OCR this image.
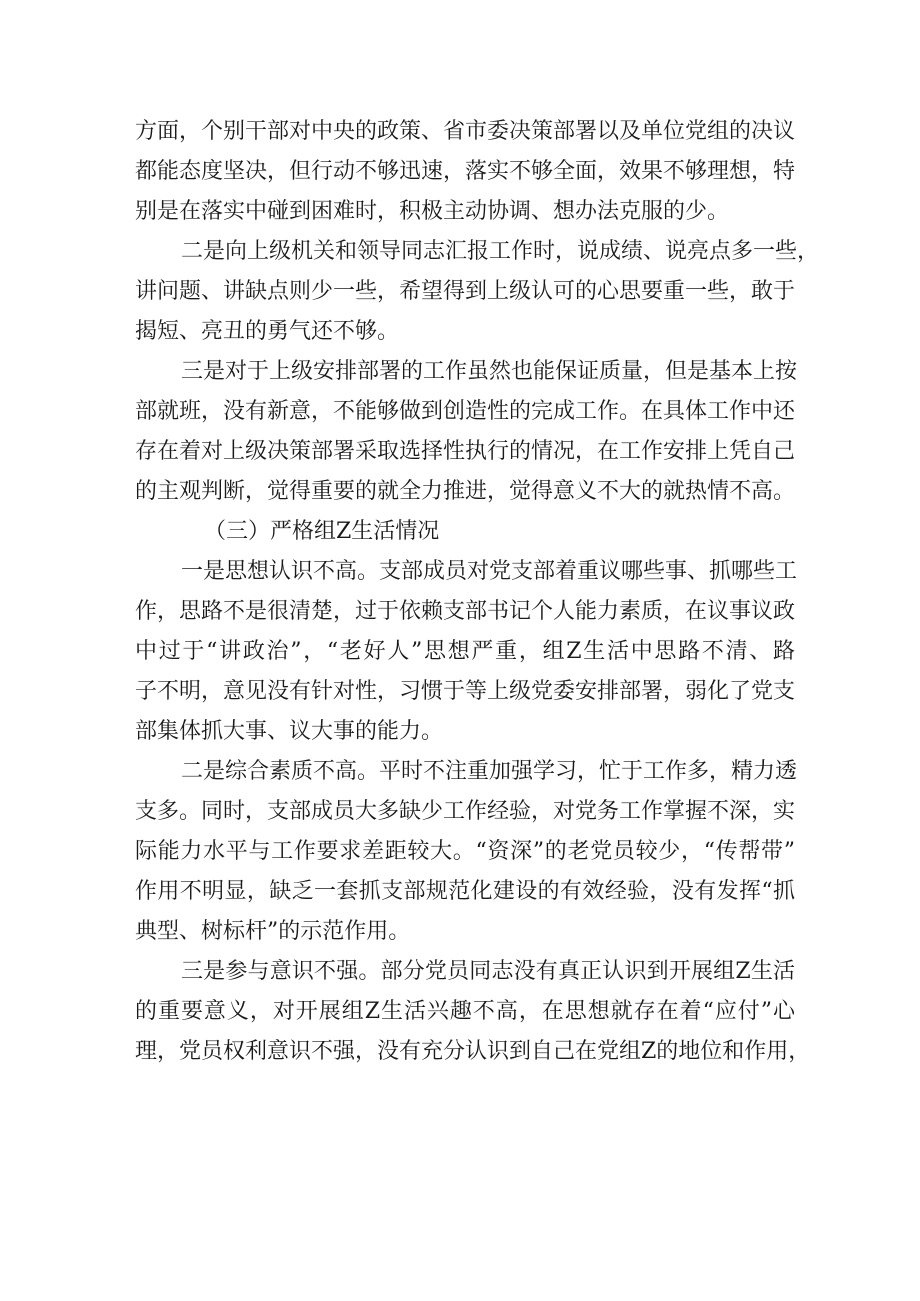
方面，个别干部对中央的政策、省市委决策部署以及单位党组的决议
都能态度坚决，但行动不够迅速，落实不够全面，效果不够理想，特
别是在落实中碰到困难时，积极主动协调、想办法克服的少。
二是向上级机关和领导同志汇报工作时，说成绩、说亮点多一些，
讲问题、讲缺点则少一些，希望得到上级认可的心思要重一些，敢于
揭短、亮丑的勇气还不够。
三是对于上级安排部署的工作虽然也能保证质量，但是基本上按
部就班，没有新意，不能够做到创造性的完成工作。在具体工作中还
存在着对上级决策部署采取选择性执行的情况，在工作安排上凭自己
的主观判断，觉得重要的就全力推进，觉得意义不大的就热情不高。
（三）严格组Z生活情况
一是思想认识不高。支部成员对党支部着重议哪些事、抓哪些工
作，思路不是很清楚，过于依赖支部书记个人能力素质，在议事议政
中过于“讲政治”，“老好人”思想严重，组Z生活中思路不清、路
子不明，意见没有针对性，习惯于等上级党委安排部署，弱化了党支
部集体抓大事、议大事的能力。
二是综合素质不高。平时不注重加强学习，忙于工作多，精力透
支多。同时，支部成员大多缺少工作经验，对党务工作掌握不深，实
际能力水平与工作要求差距较大。“资深”的老党员较少，“传帮带”
作用不明显，缺乏一套抓支部规范化建设的有效经验，没有发挥“抓
典型、树标杆”的示范作用。
三是参与意识不强。部分党员同志没有真正认识到开展组Z生活
的重要意义，对开展组Z生活兴趣不高，在思想就存在着“应付”心
理，党员权利意识不强，没有充分认识到自己在党组Z的地位和作用，
